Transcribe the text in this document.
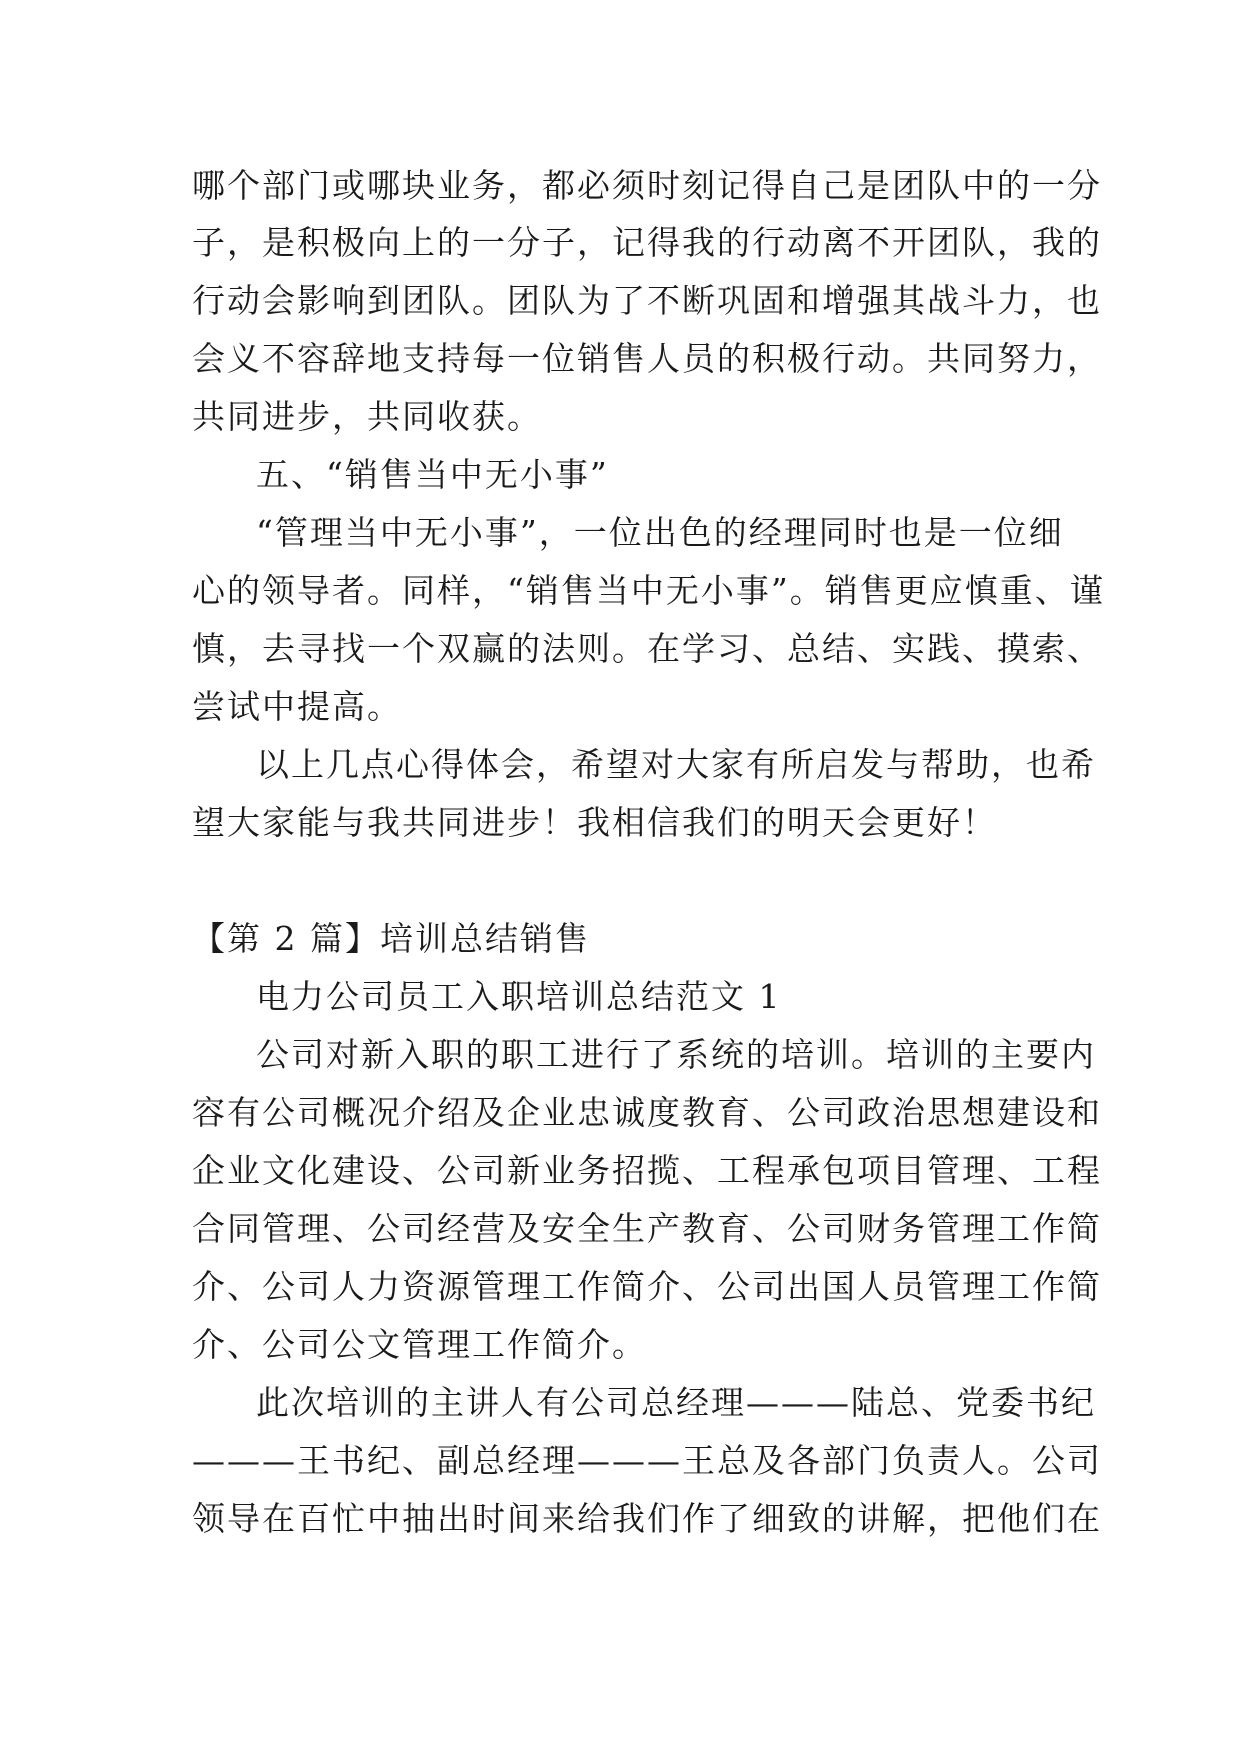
哪个部门或哪块业务，都必须时刻记得自己是团队中的一分
子，是积极向上的一分子，记得我的行动离不开团队，我的
行动会影响到团队。团队为了不断巩固和增强其战斗力，也
会义不容辞地支持每一位销售人员的积极行动。共同努力，
共同进步，共同收获。
五、“销售当中无小事”
“管理当中无小事”，一位出色的经理同时也是一位细
心的领导者。同样，“销售当中无小事”。销售更应慎重、谨
慎，去寻找一个双赢的法则。在学习、总结、实践、摸索、
尝试中提高。
以上几点心得体会，希望对大家有所启发与帮助，也希
望大家能与我共同进步！我相信我们的明天会更好！
【第 2 篇】培训总结销售
电力公司员工入职培训总结范文 1
公司对新入职的职工进行了系统的培训。培训的主要内
容有公司概况介绍及企业忠诚度教育、公司政治思想建设和
企业文化建设、公司新业务招揽、工程承包项目管理、工程
合同管理、公司经营及安全生产教育、公司财务管理工作简
介、公司人力资源管理工作简介、公司出国人员管理工作简
介、公司公文管理工作简介。
此次培训的主讲人有公司总经理———陆总、党委书纪
———王书纪、副总经理———王总及各部门负责人。公司
领导在百忙中抽出时间来给我们作了细致的讲解，把他们在
